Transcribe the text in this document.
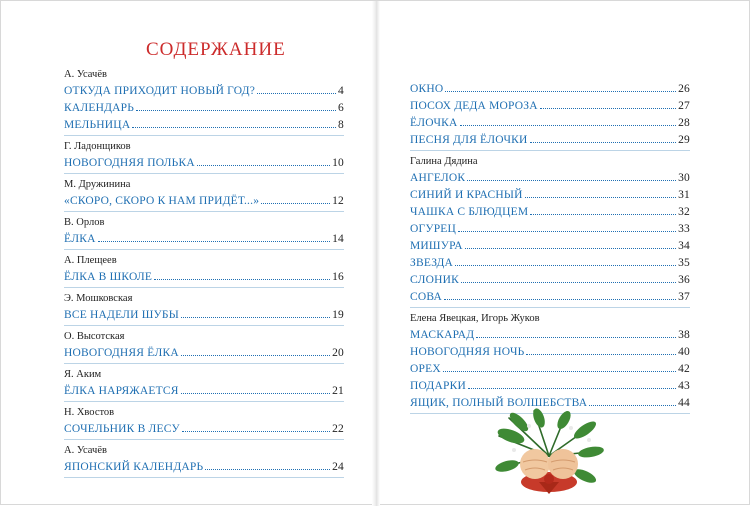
СОДЕРЖАНИЕ
А. Усачёв
ОТКУДА ПРИХОДИТ НОВЫЙ ГОД?	4
КАЛЕНДАРЬ	6
МЕЛЬНИЦА	8
Г. Ладонщиков
НОВОГОДНЯЯ ПОЛЬКА	10
М. Дружинина
«СКОРО, СКОРО К НАМ ПРИДЁТ...»	12
В. Орлов
ЁЛКА	14
А. Плещеев
ЁЛКА В ШКОЛЕ	16
Э. Мошковская
ВСЕ НАДЕЛИ ШУБЫ	19
О. Высотская
НОВОГОДНЯЯ ЁЛКА	20
Я. Аким
ЁЛКА НАРЯЖАЕТСЯ	21
Н. Хвостов
СОЧЕЛЬНИК В ЛЕСУ	22
А. Усачёв
ЯПОНСКИЙ КАЛЕНДАРЬ	24
ОКНО	26
ПОСОХ ДЕДА МОРОЗА	27
ЁЛОЧКА	28
ПЕСНЯ ДЛЯ ЁЛОЧКИ	29
Галина Дядина
АНГЕЛОК	30
СИНИЙ И КРАСНЫЙ	31
ЧАШКА С БЛЮДЦЕМ	32
ОГУРЕЦ	33
МИШУРА	34
ЗВЕЗДА	35
СЛОНИК	36
СОВА	37
Елена Явецкая, Игорь Жуков
МАСКАРАД	38
НОВОГОДНЯЯ НОЧЬ	40
ОРЕХ	42
ПОДАРКИ	43
ЯЩИК, ПОЛНЫЙ ВОЛШЕБСТВА	44
